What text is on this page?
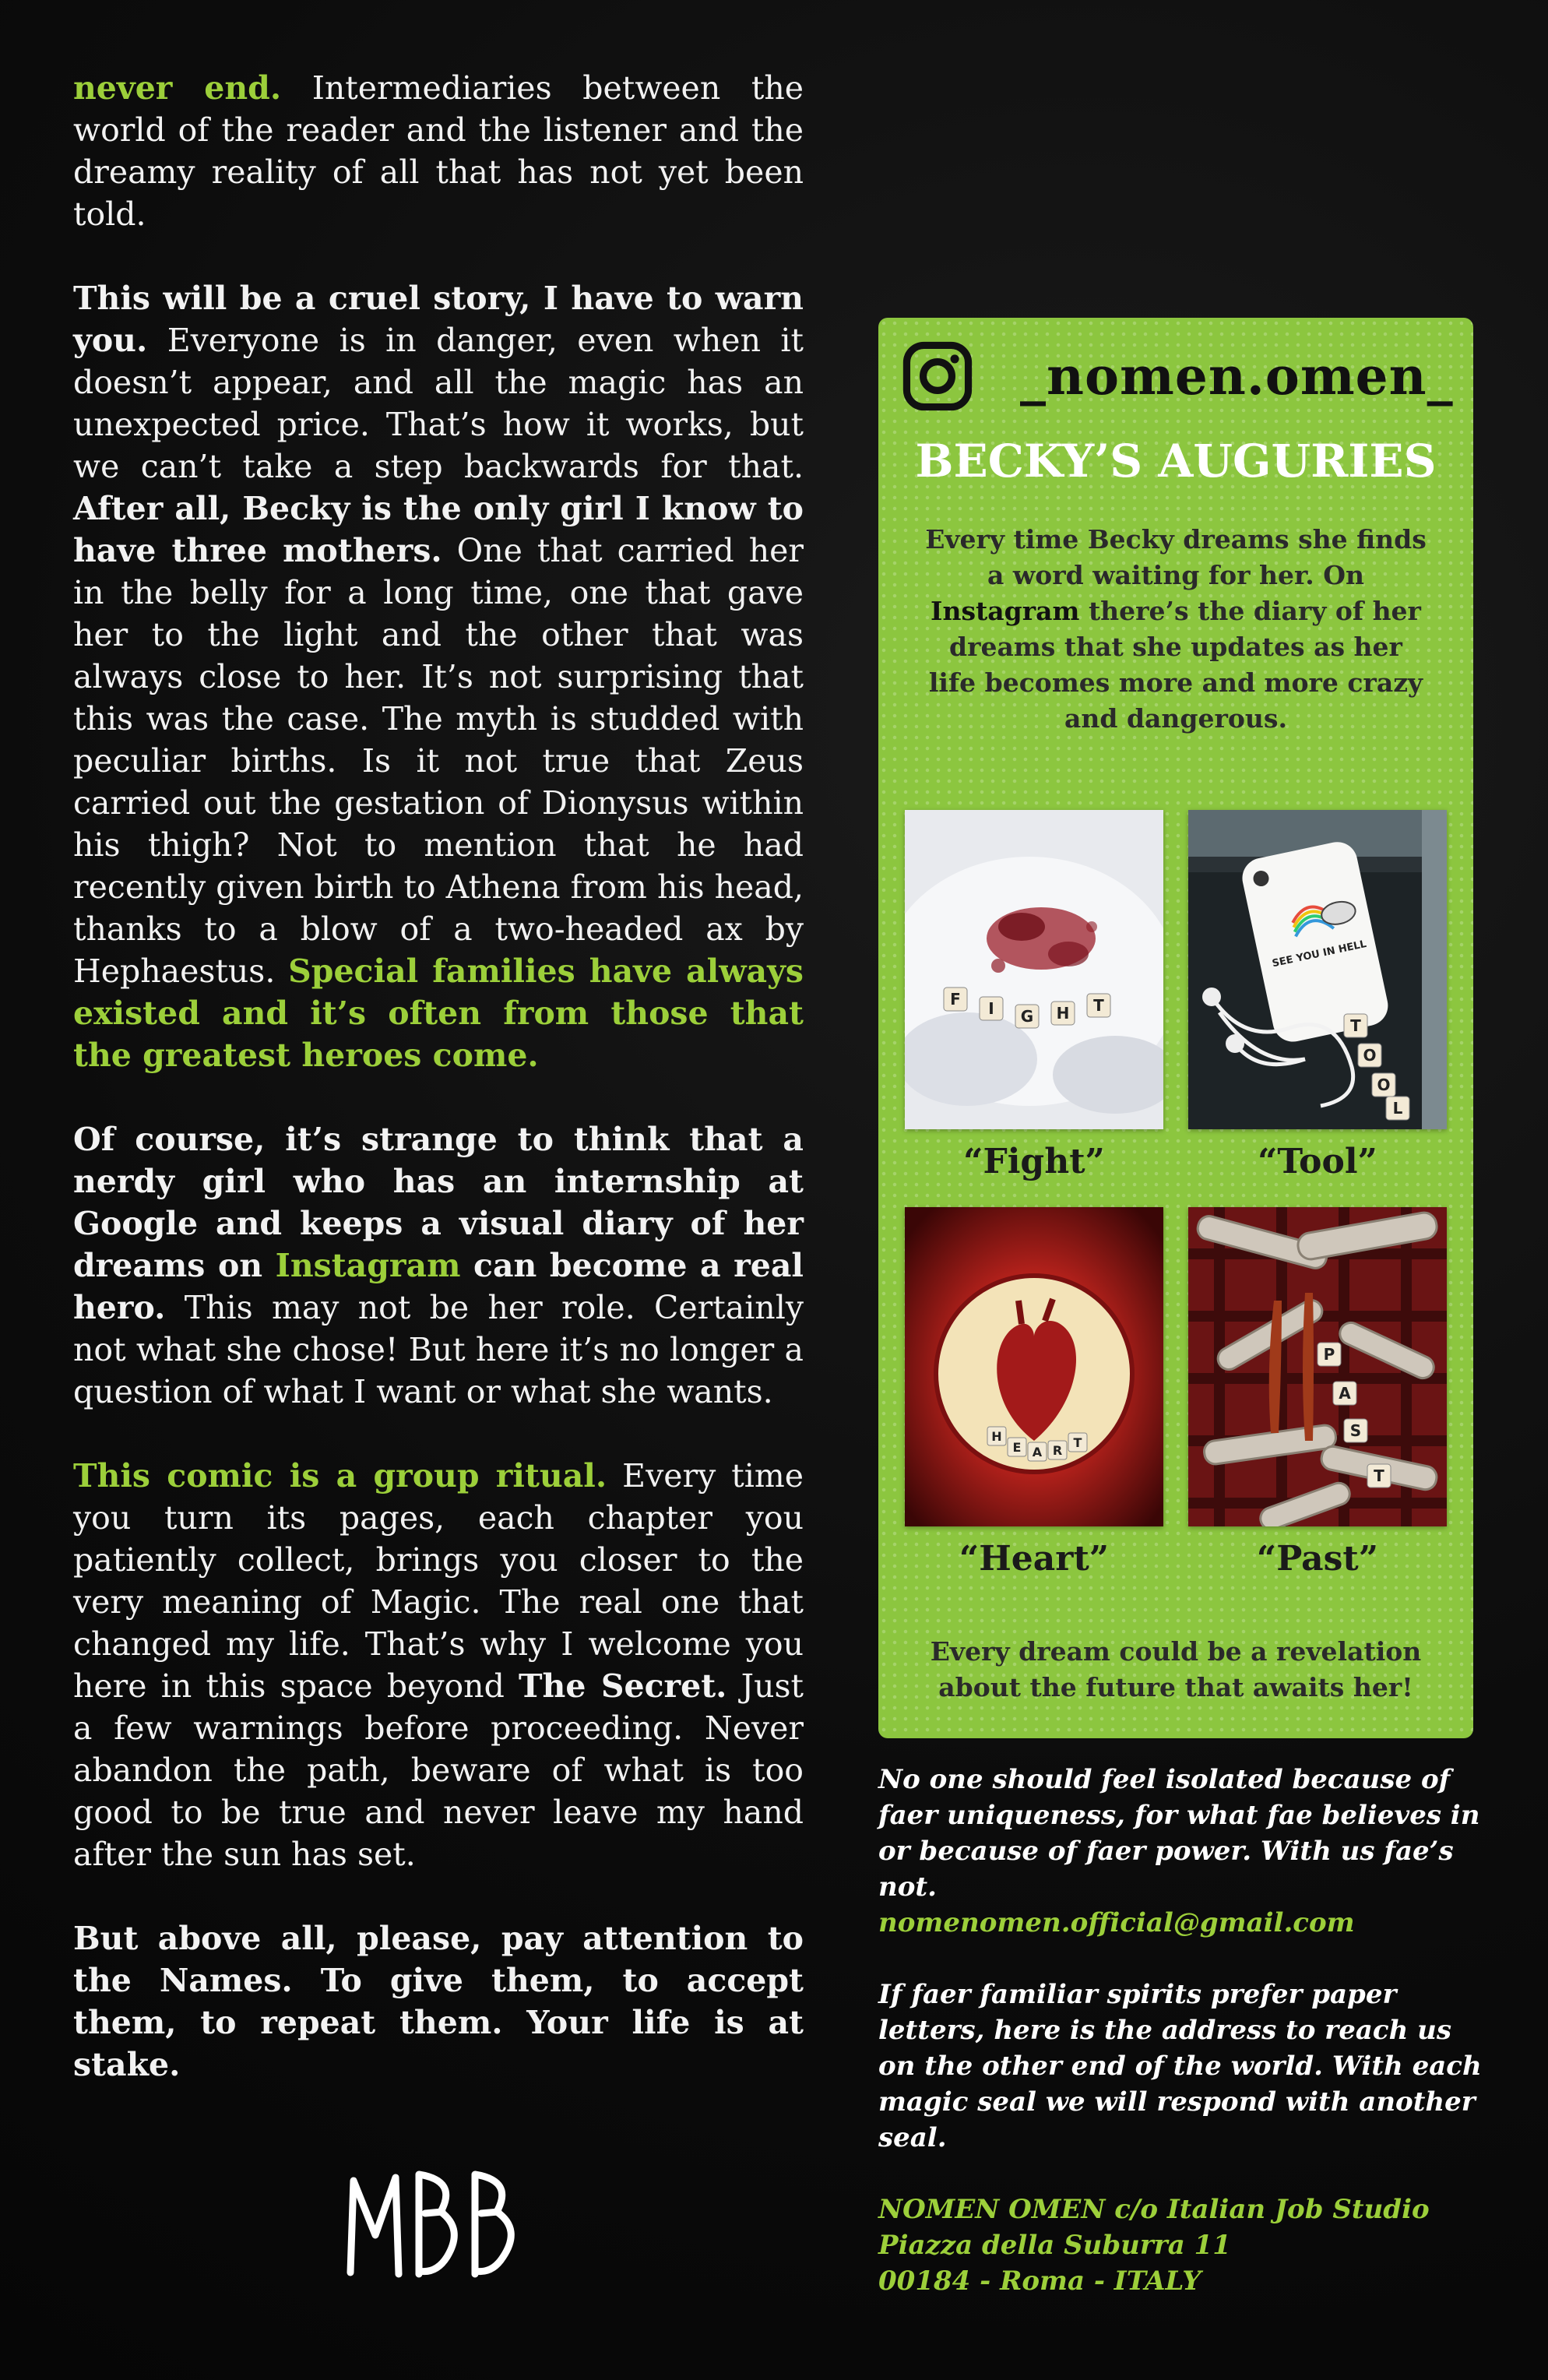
never end. Intermediaries between the world of the reader and the listener and the dreamy reality of all that has not yet been told.

This will be a cruel story, I have to warn you. Everyone is in danger, even when it doesn’t appear, and all the magic has an unexpected price. That’s how it works, but we can’t take a step backwards for that. After all, Becky is the only girl I know to have three mothers. One that carried her in the belly for a long time, one that gave her to the light and the other that was always close to her. It’s not surprising that this was the case. The myth is studded with peculiar births. Is it not true that Zeus carried out the gestation of Dionysus within his thigh? Not to mention that he had recently given birth to Athena from his head, thanks to a blow of a two-headed ax by Hephaestus. Special families have always existed and it’s often from those that the greatest heroes come.

Of course, it’s strange to think that a nerdy girl who has an internship at Google and keeps a visual diary of her dreams on Instagram can become a real hero. This may not be her role. Certainly not what she chose! But here it’s no longer a question of what I want or what she wants.

This comic is a group ritual. Every time you turn its pages, each chapter you patiently collect, brings you closer to the very meaning of Magic. The real one that changed my life. That’s why I welcome you here in this space beyond The Secret. Just a few warnings before proceeding. Never abandon the path, beware of what is too good to be true and never leave my hand after the sun has set.

But above all, please, pay attention to the Names. To give them, to accept them, to repeat them. Your life is at stake.

_nomen.omen_
BECKY’S AUGURIES
Every time Becky dreams she finds a word waiting for her. On Instagram there’s the diary of her dreams that she updates as her life becomes more and more crazy and dangerous.
F I G H T
“Fight”
SEE YOU IN HELL
T
O
O
L
“Tool”
H
E A R
T
“Heart”
P
A
S
T
“Past”
Every dream could be a revelation about the future that awaits her!

No one should feel isolated because of faer uniqueness, for what fae believes in or because of faer power. With us fae’s not.
nomenomen.official@gmail.com

If faer familiar spirits prefer paper letters, here is the address to reach us on the other end of the world. With each magic seal we will respond with another seal.

NOMEN OMEN c/o Italian Job Studio
Piazza della Suburra 11
00184 - Roma - ITALY
